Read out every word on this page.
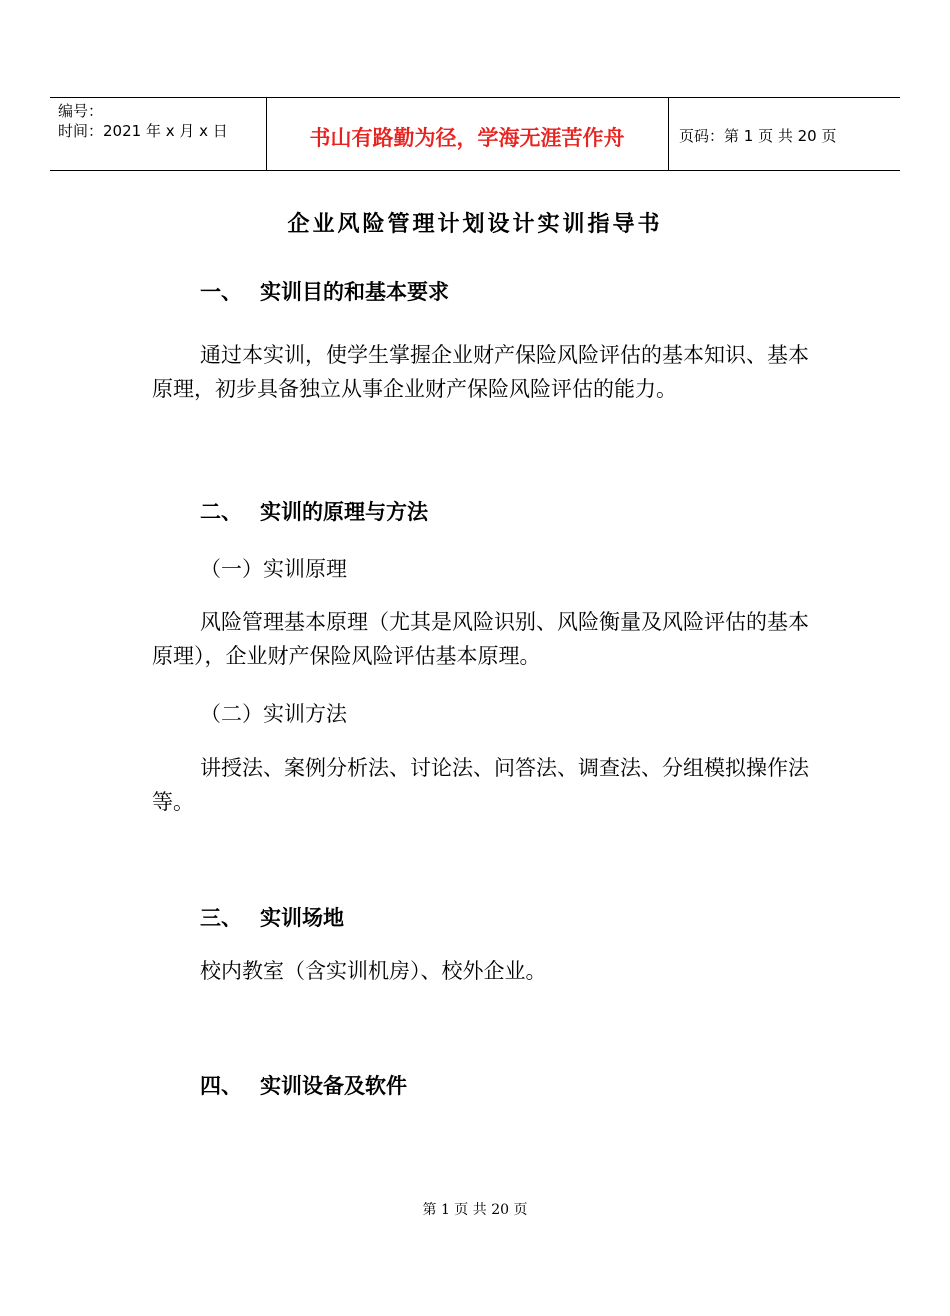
编号：
时间：2021 年 x 月 x 日	书山有路勤为径，学海无涯苦作舟	页码：第 1 页 共 20 页
企业风险管理计划设计实训指导书
一、 实训目的和基本要求
通过本实训，使学生掌握企业财产保险风险评估的基本知识、基本原理，初步具备独立从事企业财产保险风险评估的能力。
二、 实训的原理与方法
（一）实训原理
风险管理基本原理（尤其是风险识别、风险衡量及风险评估的基本原理），企业财产保险风险评估基本原理。
（二）实训方法
讲授法、案例分析法、讨论法、问答法、调查法、分组模拟操作法等。
三、 实训场地
校内教室（含实训机房）、校外企业。
四、 实训设备及软件
第 1 页 共 20 页
